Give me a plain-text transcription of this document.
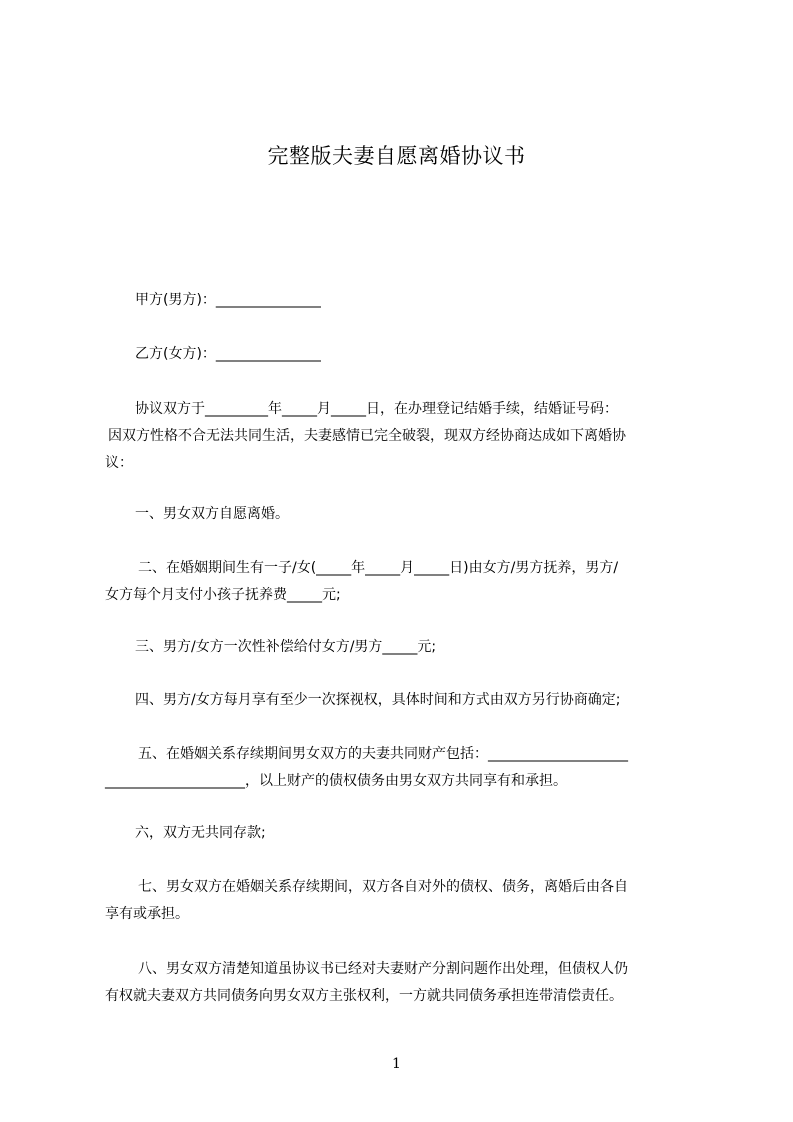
完整版夫妻自愿离婚协议书
甲方(男方)：_______________
乙方(女方)：_______________
协议双方于_________年_____月_____日，在办理登记结婚手续，结婚证号码：
因双方性格不合无法共同生活，夫妻感情已完全破裂，现双方经协商达成如下离婚协
议：
一、男女双方自愿离婚。
二、在婚姻期间生有一子/女(_____年_____月_____日)由女方/男方抚养，男方/
女方每个月支付小孩子抚养费_____元;
三、男方/女方一次性补偿给付女方/男方_____元;
四、男方/女方每月享有至少一次探视权，具体时间和方式由双方另行协商确定;
五、在婚姻关系存续期间男女双方的夫妻共同财产包括：____________________
____________________，以上财产的债权债务由男女双方共同享有和承担。
六，双方无共同存款;
七、男女双方在婚姻关系存续期间，双方各自对外的债权、债务，离婚后由各自
享有或承担。
八、男女双方清楚知道虽协议书已经对夫妻财产分割问题作出处理，但债权人仍
有权就夫妻双方共同债务向男女双方主张权利，一方就共同债务承担连带清偿责任。
1
